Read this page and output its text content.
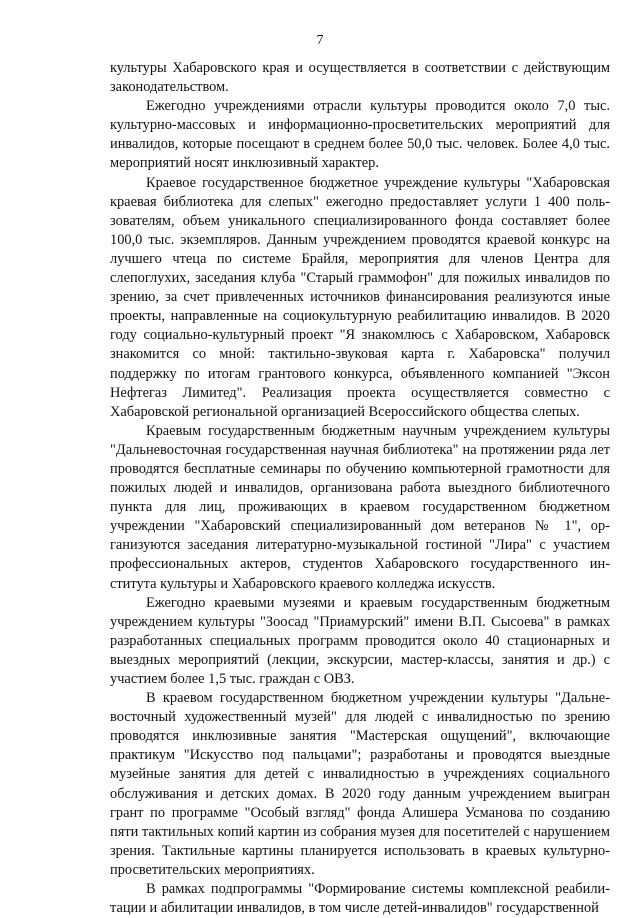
7

культуры Хабаровского края и осуществляется в соответствии с действующим законодательством.

Ежегодно учреждениями отрасли культуры проводится около 7,0 тыс. культурно-массовых и информационно-просветительских мероприятий для инвалидов, которые посещают в среднем более 50,0 тыс. человек. Более 4,0 тыс. мероприятий носят инклюзивный характер.

Краевое государственное бюджетное учреждение культуры "Хабаровская краевая библиотека для слепых" ежегодно предоставляет услуги 1 400 пользователям, объем уникального специализированного фонда составляет более 100,0 тыс. экземпляров. Данным учреждением проводятся краевой конкурс на лучшего чтеца по системе Брайля, мероприятия для членов Центра для слепоглухих, заседания клуба "Старый граммофон" для пожилых инвалидов по зрению, за счет привлеченных источников финансирования реализуются иные проекты, направленные на социокультурную реабилитацию инвалидов. В 2020 году социально-культурный проект "Я знакомлюсь с Хабаровском, Хабаровск знакомится со мной: тактильно-звуковая карта г. Хабаровска" получил поддержку по итогам грантового конкурса, объявленного компанией "Эксон Нефтегаз Лимитед". Реализация проекта осуществляется совместно с Хабаровской региональной организацией Всероссийского общества слепых.

Краевым государственным бюджетным научным учреждением культуры "Дальневосточная государственная научная библиотека" на протяжении ряда лет проводятся бесплатные семинары по обучению компьютерной грамотности для пожилых людей и инвалидов, организована работа выездного библиотечного пункта для лиц, проживающих в краевом государственном бюджетном учреждении "Хабаровский специализированный дом ветеранов № 1", организуются заседания литературно-музыкальной гостиной "Лира" с участием профессиональных актеров, студентов Хабаровского государственного института культуры и Хабаровского краевого колледжа искусств.

Ежегодно краевыми музеями и краевым государственным бюджетным учреждением культуры "Зоосад "Приамурский" имени В.П. Сысоева" в рамках разработанных специальных программ проводится около 40 стационарных и выездных мероприятий (лекции, экскурсии, мастер-классы, занятия и др.) с участием более 1,5 тыс. граждан с ОВЗ.

В краевом государственном бюджетном учреждении культуры "Дальневосточный художественный музей" для людей с инвалидностью по зрению проводятся инклюзивные занятия "Мастерская ощущений", включающие практикум "Искусство под пальцами"; разработаны и проводятся выездные музейные занятия для детей с инвалидностью в учреждениях социального обслуживания и детских домах. В 2020 году данным учреждением выигран грант по программе "Особый взгляд" фонда Алишера Усманова по созданию пяти тактильных копий картин из собрания музея для посетителей с нарушением зрения. Тактильные картины планируется использовать в краевых культурно-просветительских мероприятиях.

В рамках подпрограммы "Формирование системы комплексной реабилитации и абилитации инвалидов, в том числе детей-инвалидов" государственной
